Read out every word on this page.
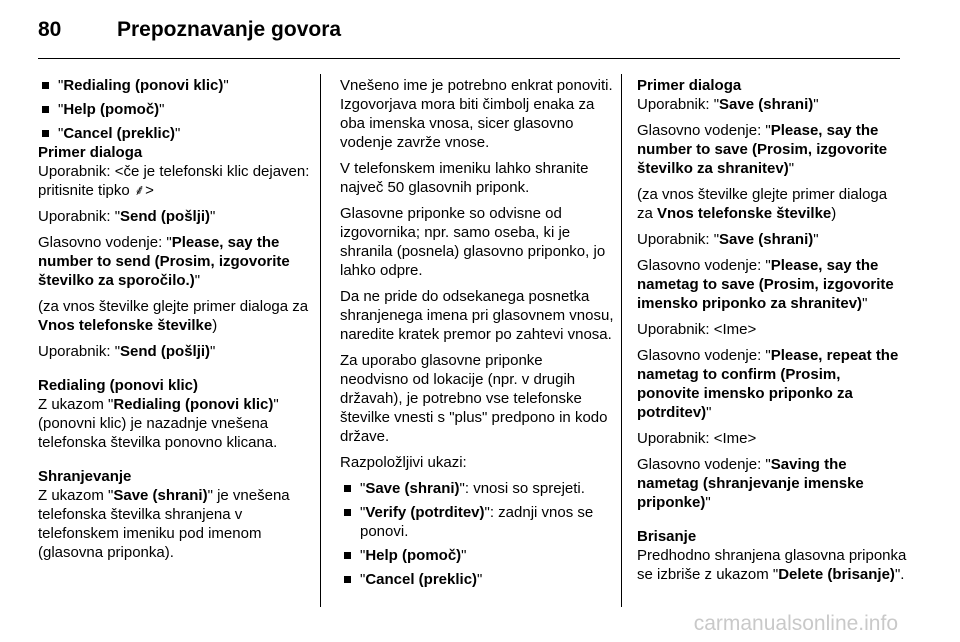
80	Prepoznavanje govora
"Redialing (ponovi klic)"
"Help (pomoč)"
"Cancel (preklic)"

Primer dialoga

Uporabnik: <če je telefonski klic dejaven: pritisnite tipko ⸙>

Uporabnik: "Send (pošlji)"

Glasovno vodenje: "Please, say the number to send (Prosim, izgovorite številko za sporočilo.)"

(za vnos številke glejte primer dialoga za Vnos telefonske številke)

Uporabnik: "Send (pošlji)"

Redialing (ponovi klic)

Z ukazom "Redialing (ponovi klic)" (ponovni klic) je nazadnje vnešena telefonska številka ponovno klicana.

Shranjevanje

Z ukazom "Save (shrani)" je vnešena telefonska številka shranjena v telefonskem imeniku pod imenom (glasovna priponka).

Vnešeno ime je potrebno enkrat ponoviti. Izgovorjava mora biti čimbolj enaka za oba imenska vnosa, sicer glasovno vodenje zavrže vnose.

V telefonskem imeniku lahko shranite največ 50 glasovnih priponk.

Glasovne priponke so odvisne od izgovornika; npr. samo oseba, ki je shranila (posnela) glasovno priponko, jo lahko odpre.

Da ne pride do odsekanega posnetka shranjenega imena pri glasovnem vnosu, naredite kratek premor po zahtevi vnosa.

Za uporabo glasovne priponke neodvisno od lokacije (npr. v drugih državah), je potrebno vse telefonske številke vnesti s "plus" predpono in kodo države.

Razpoložljivi ukazi:

"Save (shrani)": vnosi so sprejeti.
"Verify (potrditev)": zadnji vnos se ponovi.
"Help (pomoč)"
"Cancel (preklic)"

Primer dialoga

Uporabnik: "Save (shrani)"

Glasovno vodenje: "Please, say the number to save (Prosim, izgovorite številko za shranitev)"

(za vnos številke glejte primer dialoga za Vnos telefonske številke)

Uporabnik: "Save (shrani)"

Glasovno vodenje: "Please, say the nametag to save (Prosim, izgovorite imensko priponko za shranitev)"

Uporabnik: <Ime>

Glasovno vodenje: "Please, repeat the nametag to confirm (Prosim, ponovite imensko priponko za potrditev)"

Uporabnik: <Ime>

Glasovno vodenje: "Saving the nametag (shranjevanje imenske priponke)"

Brisanje

Predhodno shranjena glasovna priponka se izbriše z ukazom "Delete (brisanje)".

carmanualsonline.info
